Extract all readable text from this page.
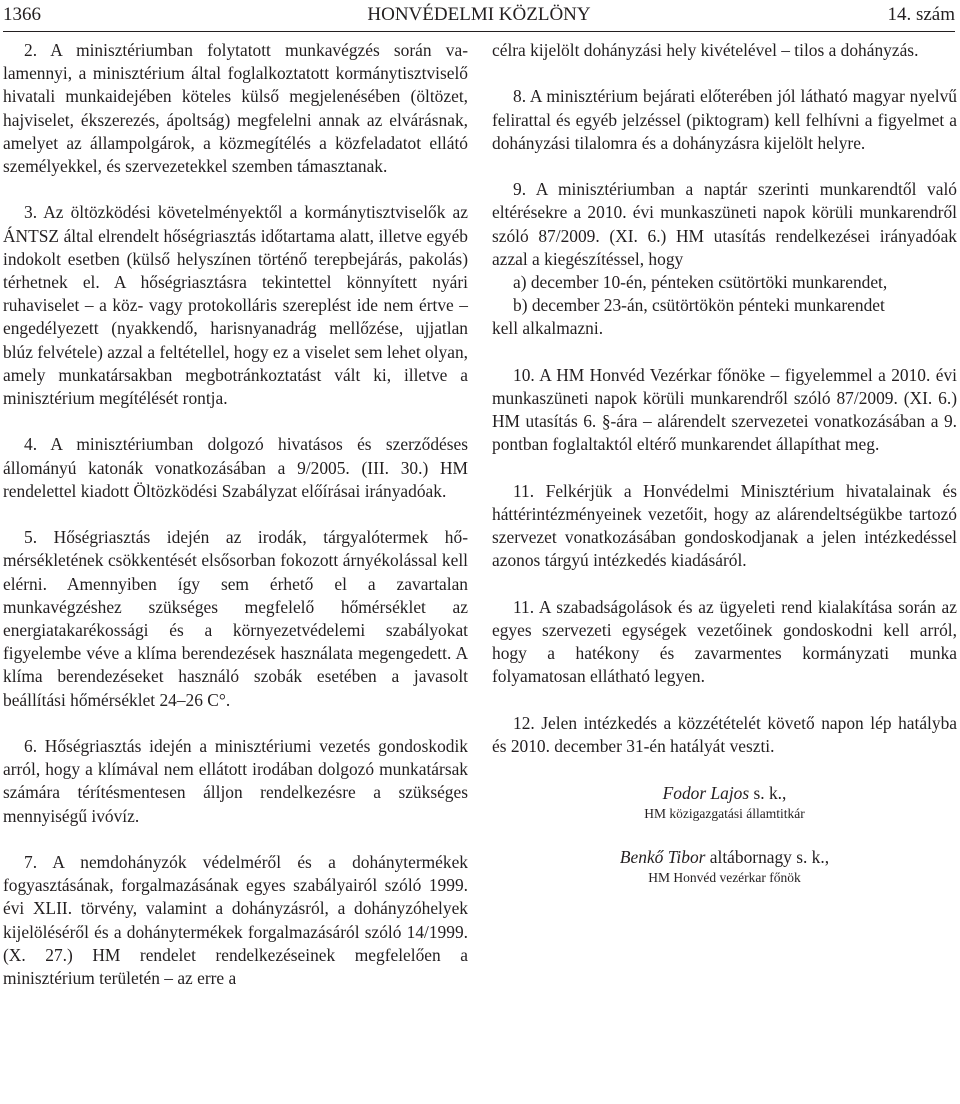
1366	HONVÉDELMI KÖZLÖNY	14. szám

2. A minisztériumban folytatott munkavégzés során valamennyi, a minisztérium által foglalkoztatott kormánytisztviselő hivatali munkaidejében köteles külső megjelenésében (öltözet, hajviselet, ékszerezés, ápoltság) megfelelni annak az elvárásnak, amelyet az állampolgárok, a közmegítélés a közfeladatot ellátó személyekkel, és szervezetekkel szemben támasztanak.

3. Az öltözködési követelményektől a kormánytisztviselők az ÁNTSZ által elrendelt hőségriasztás időtartama alatt, illetve egyéb indokolt esetben (külső helyszínen történő terepbejárás, pakolás) térhetnek el. A hőségriasztásra tekintettel könnyített nyári ruhaviselet – a köz- vagy protokolláris szereplést ide nem értve – engedélyezett (nyakkendő, harisnyanadrág mellőzése, ujjatlan blúz felvétele) azzal a feltétellel, hogy ez a viselet sem lehet olyan, amely munkatársakban megbotránkoztatást vált ki, illetve a minisztérium megítélését rontja.

4. A minisztériumban dolgozó hivatásos és szerződéses állományú katonák vonatkozásában a 9/2005. (III. 30.) HM rendelettel kiadott Öltözködési Szabályzat előírásai irányadóak.

5. Hőségriasztás idején az irodák, tárgyalótermek hőmérsékletének csökkentését elsősorban fokozott árnyékolással kell elérni. Amennyiben így sem érhető el a zavartalan munkavégzéshez szükséges megfelelő hőmérséklet az energiatakarékossági és a környezetvédelemi szabályokat figyelembe véve a klíma berendezések használata megengedett. A klíma berendezéseket használó szobák esetében a javasolt beállítási hőmérséklet 24–26 C°.

6. Hőségriasztás idején a minisztériumi vezetés gondoskodik arról, hogy a klímával nem ellátott irodában dolgozó munkatársak számára térítésmentesen álljon rendelkezésre a szükséges mennyiségű ivóvíz.

7. A nemdohányzók védelméről és a dohánytermékek fogyasztásának, forgalmazásának egyes szabályairól szóló 1999. évi XLII. törvény, valamint a dohányzásról, a dohányzóhelyek kijelöléséről és a dohánytermékek forgalmazásáról szóló 14/1999. (X. 27.) HM rendelet rendelkezéseinek megfelelően a minisztérium területén – az erre a

célra kijelölt dohányzási hely kivételével – tilos a dohányzás.

8. A minisztérium bejárati előterében jól látható magyar nyelvű felirattal és egyéb jelzéssel (piktogram) kell felhívni a figyelmet a dohányzási tilalomra és a dohányzásra kijelölt helyre.

9. A minisztériumban a naptár szerinti munkarendtől való eltérésekre a 2010. évi munkaszüneti napok körüli munkarendről szóló 87/2009. (XI. 6.) HM utasítás rendelkezései irányadóak azzal a kiegészítéssel, hogy

a) december 10-én, pénteken csütörtöki munkarendet,

b) december 23-án, csütörtökön pénteki munkarendet

kell alkalmazni.

10. A HM Honvéd Vezérkar főnöke – figyelemmel a 2010. évi munkaszüneti napok körüli munkarendről szóló 87/2009. (XI. 6.) HM utasítás 6. §-ára – alárendelt szervezetei vonatkozásában a 9. pontban foglaltaktól eltérő munkarendet állapíthat meg.

11. Felkérjük a Honvédelmi Minisztérium hivatalainak és háttérintézményeinek vezetőit, hogy az alárendeltségükbe tartozó szervezet vonatkozásában gondoskodjanak a jelen intézkedéssel azonos tárgyú intézkedés kiadásáról.

11. A szabadságolások és az ügyeleti rend kialakítása során az egyes szervezeti egységek vezetőinek gondoskodni kell arról, hogy a hatékony és zavarmentes kormányzati munka folyamatosan ellátható legyen.

12. Jelen intézkedés a közzétételét követő napon lép hatályba és 2010. december 31-én hatályát veszti.

Fodor Lajos s. k.,
HM közigazgatási államtitkár
Benkő Tibor altábornagy s. k.,
HM Honvéd vezérkar főnök
